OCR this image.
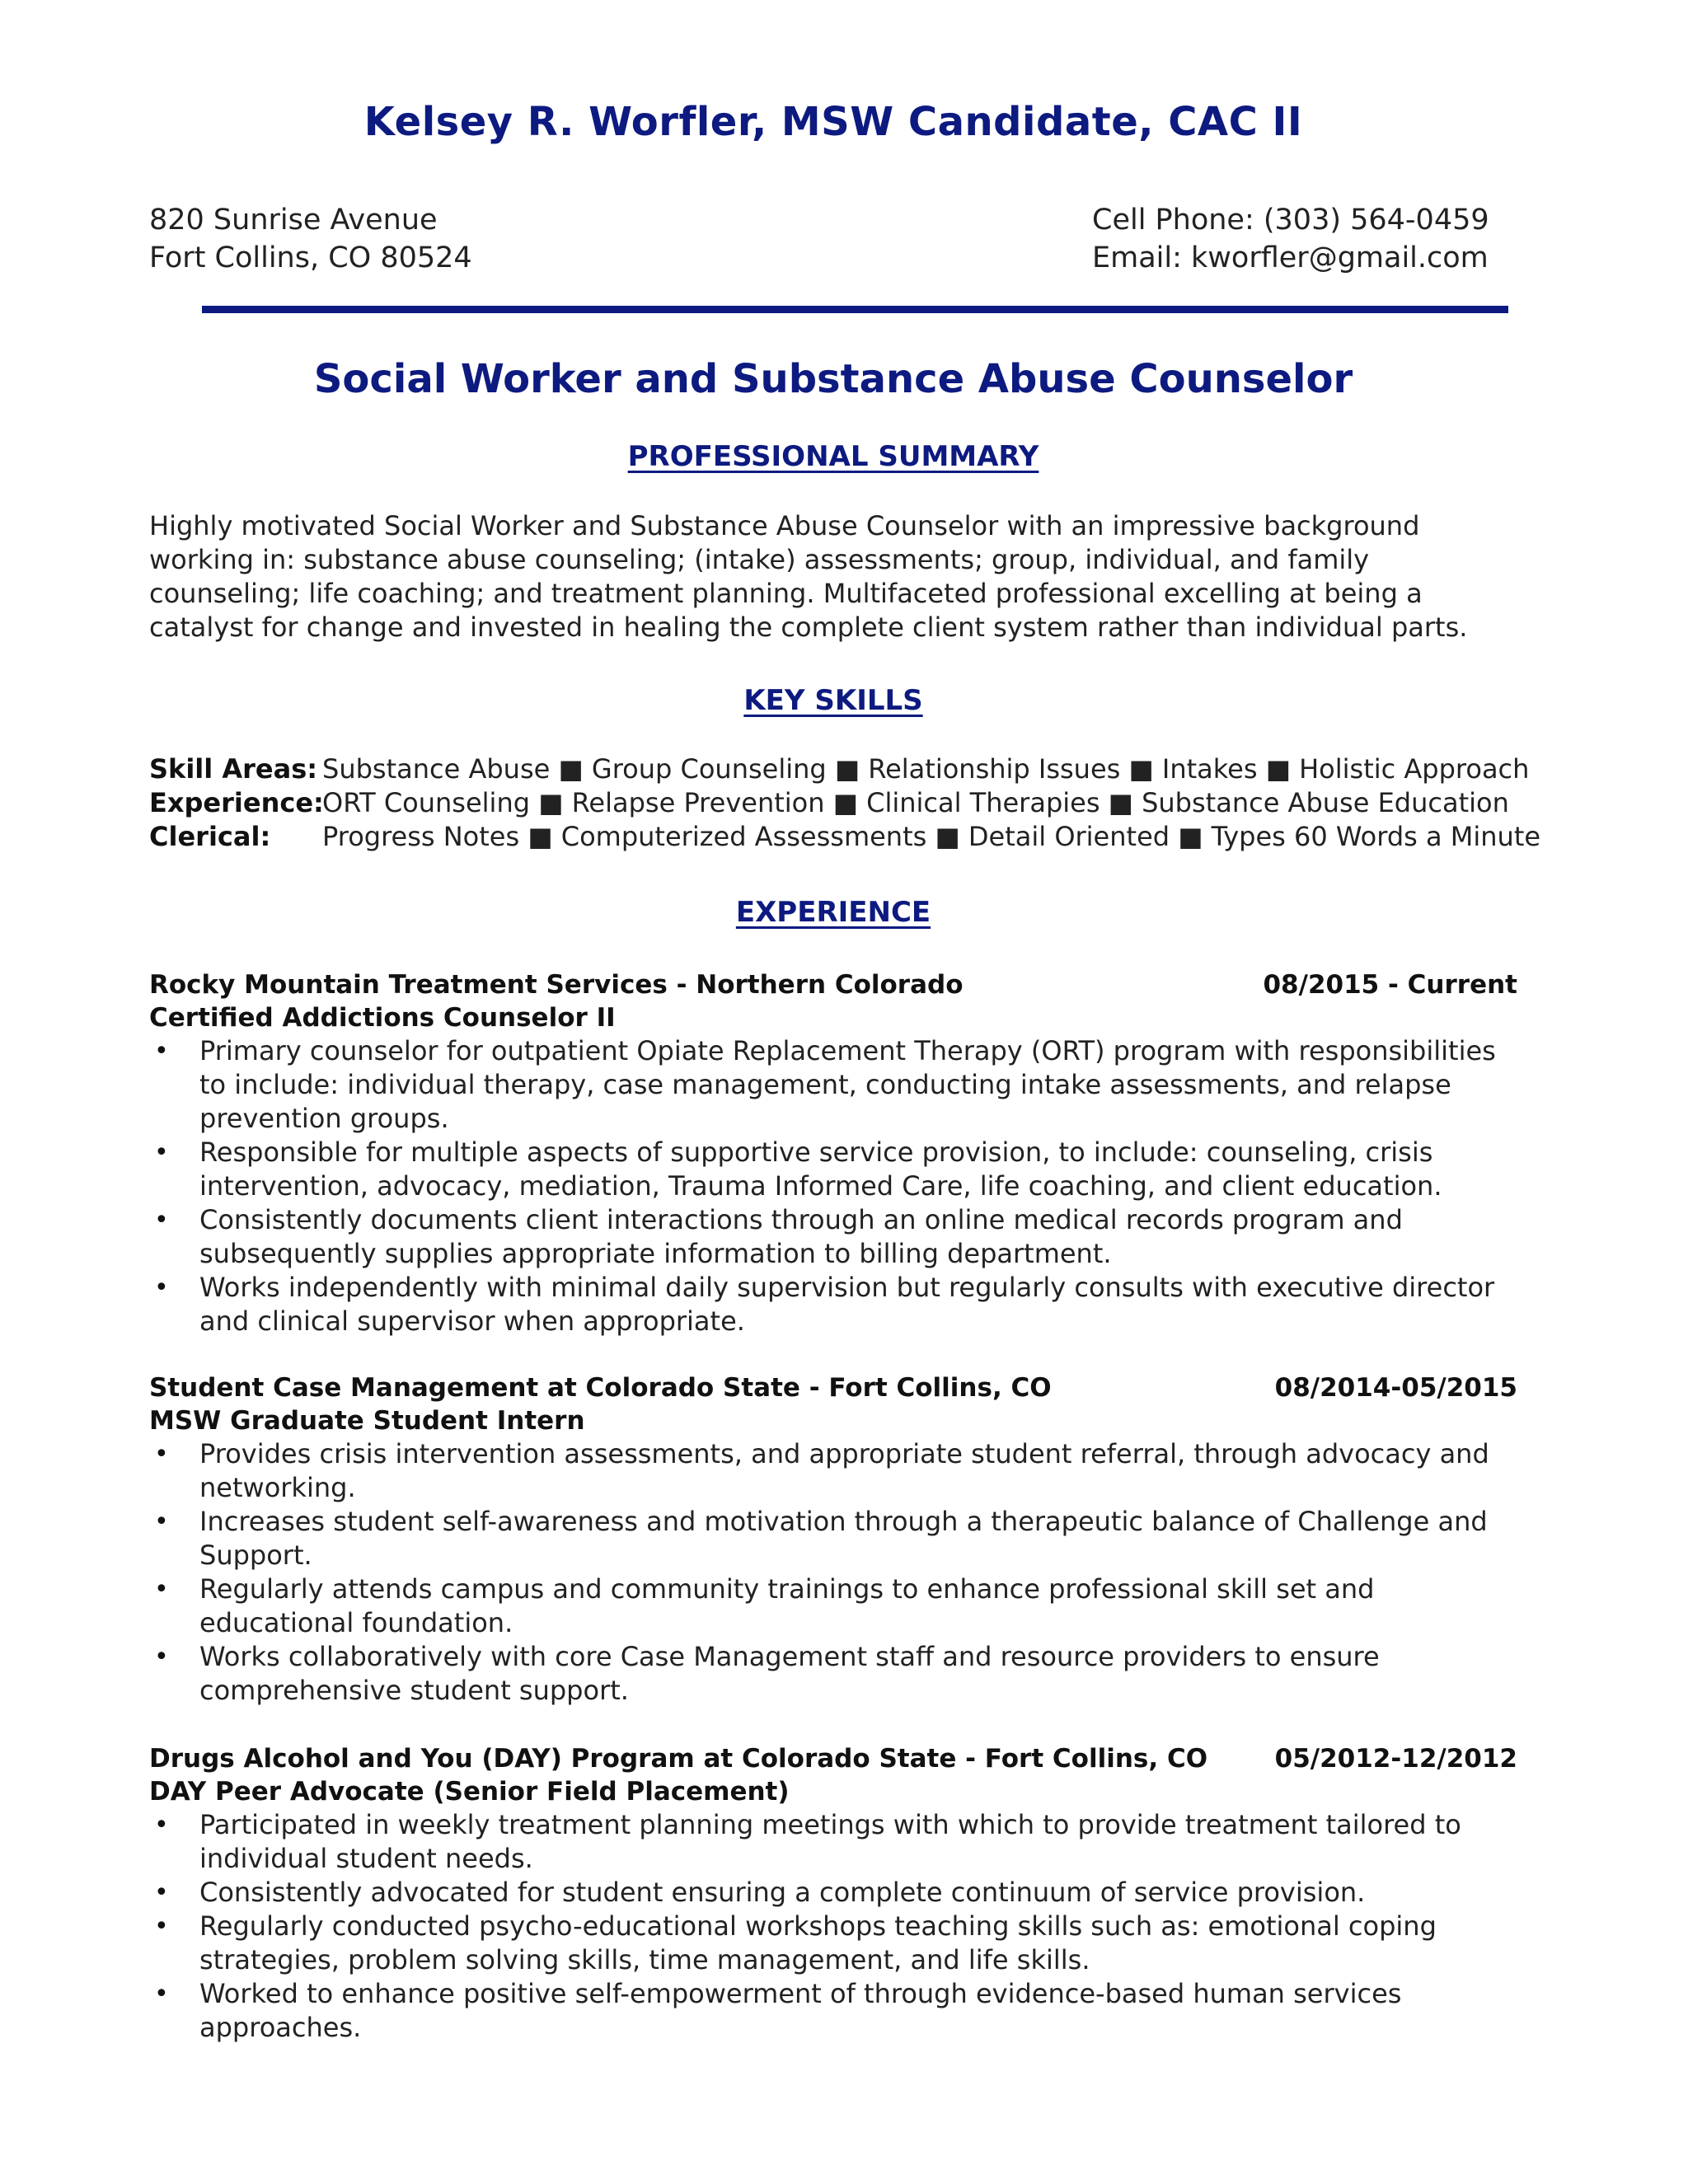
Kelsey R. Worfler, MSW Candidate, CAC II
820 Sunrise Avenue
Fort Collins, CO 80524
Cell Phone: (303) 564-0459
Email: kworfler@gmail.com
Social Worker and Substance Abuse Counselor
PROFESSIONAL SUMMARY
Highly motivated Social Worker and Substance Abuse Counselor with an impressive background working in: substance abuse counseling; (intake) assessments; group, individual, and family counseling; life coaching; and treatment planning. Multifaceted professional excelling at being a catalyst for change and invested in healing the complete client system rather than individual parts.
KEY SKILLS
Skill Areas: Substance Abuse ■ Group Counseling ■ Relationship Issues ■ Intakes ■ Holistic Approach
Experience:ORT Counseling ■ Relapse Prevention ■ Clinical Therapies ■ Substance Abuse Education
Clerical: Progress Notes ■ Computerized Assessments ■ Detail Oriented ■ Types 60 Words a Minute
EXPERIENCE
Rocky Mountain Treatment Services - Northern Colorado	08/2015 - Current
Certified Addictions Counselor II
• Primary counselor for outpatient Opiate Replacement Therapy (ORT) program with responsibilities to include: individual therapy, case management, conducting intake assessments, and relapse prevention groups.
• Responsible for multiple aspects of supportive service provision, to include: counseling, crisis intervention, advocacy, mediation, Trauma Informed Care, life coaching, and client education.
• Consistently documents client interactions through an online medical records program and subsequently supplies appropriate information to billing department.
• Works independently with minimal daily supervision but regularly consults with executive director and clinical supervisor when appropriate.
Student Case Management at Colorado State - Fort Collins, CO	08/2014-05/2015
MSW Graduate Student Intern
• Provides crisis intervention assessments, and appropriate student referral, through advocacy and networking.
• Increases student self-awareness and motivation through a therapeutic balance of Challenge and Support.
• Regularly attends campus and community trainings to enhance professional skill set and educational foundation.
• Works collaboratively with core Case Management staff and resource providers to ensure comprehensive student support.
Drugs Alcohol and You (DAY) Program at Colorado State - Fort Collins, CO	05/2012-12/2012
DAY Peer Advocate (Senior Field Placement)
• Participated in weekly treatment planning meetings with which to provide treatment tailored to individual student needs.
• Consistently advocated for student ensuring a complete continuum of service provision.
• Regularly conducted psycho-educational workshops teaching skills such as: emotional coping strategies, problem solving skills, time management, and life skills.
• Worked to enhance positive self-empowerment of through evidence-based human services approaches.
